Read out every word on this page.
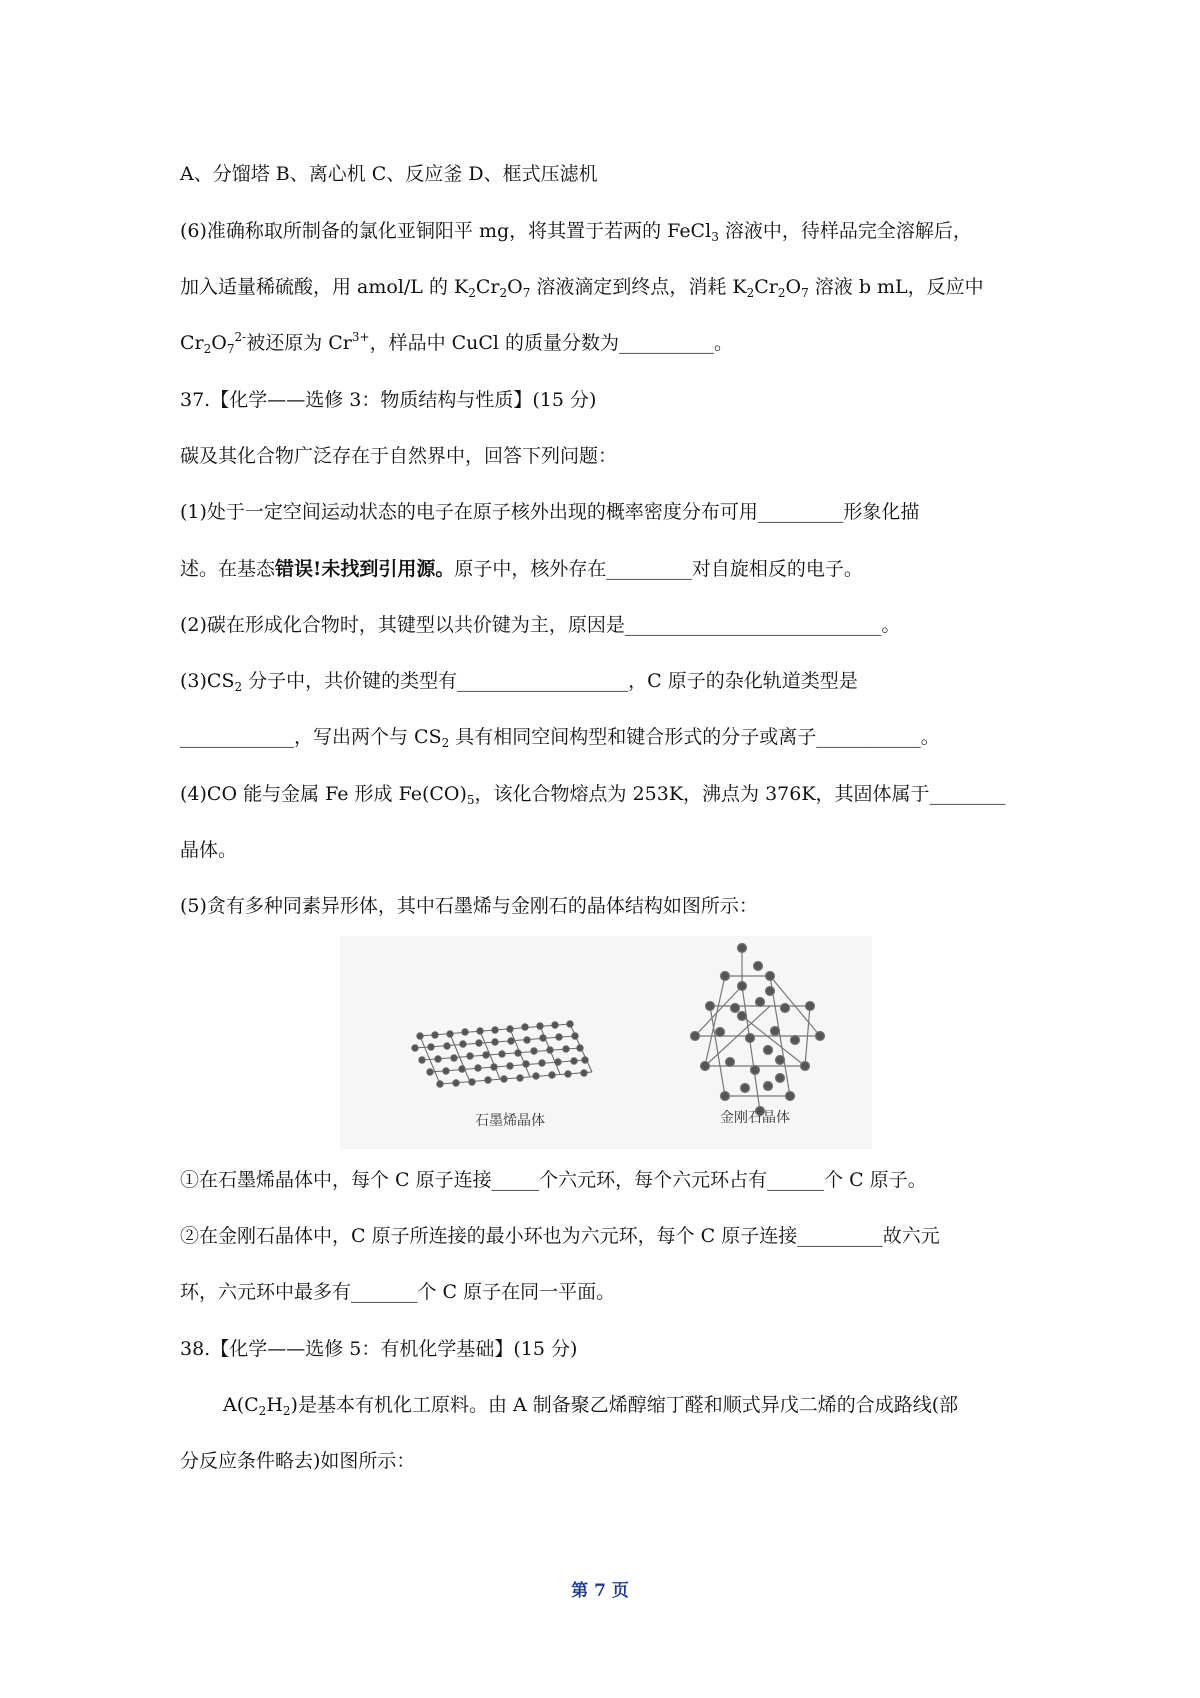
A、分馏塔 B、离心机 C、反应釜 D、框式压滤机
(6)准确称取所制备的氯化亚铜阳平 mg，将其置于若两的 FeCl$_3$ 溶液中，待样品完全溶解后，
加入适量稀硫酸，用 amol/L 的 $K_2Cr_2O_7$ 溶液滴定到终点，消耗 $K_2Cr_2O_7$ 溶液 b mL，反应中
$Cr_2O_7^{2-}$被还原为 $Cr^{3+}$，样品中 CuCl 的质量分数为__________。
37.【化学——选修 3：物质结构与性质】(15 分)
碳及其化合物广泛存在于自然界中，回答下列问题：
(1)处于一定空间运动状态的电子在原子核外出现的概率密度分布可用_________形象化描
述。在基态错误!未找到引用源。原子中，核外存在_________对自旋相反的电子。
(2)碳在形成化合物时，其键型以共价键为主，原因是___________________________。
$(3)CS_2$ 分子中，共价键的类型有__________________，C 原子的杂化轨道类型是
____________，写出两个与 $CS_2$ 具有相同空间构型和键合形式的分子或离子___________。
(4)CO 能与金属 Fe 形成 $Fe(CO)_5$，该化合物熔点为 253K，沸点为 376K，其固体属于________
晶体。
(5)贪有多种同素异形体，其中石墨烯与金刚石的晶体结构如图所示：
石墨烯晶体	金刚石晶体
①在石墨烯晶体中，每个 C 原子连接_____个六元环，每个六元环占有______个 C 原子。
②在金刚石晶体中，C 原子所连接的最小环也为六元环，每个 C 原子连接_________故六元
环，六元环中最多有_______个 C 原子在同一平面。
38.【化学——选修 5：有机化学基础】(15 分)
$A(C_2H_2)$是基本有机化工原料。由 A 制备聚乙烯醇缩丁醛和顺式异戊二烯的合成路线(部
分反应条件略去)如图所示：
第 7 页
